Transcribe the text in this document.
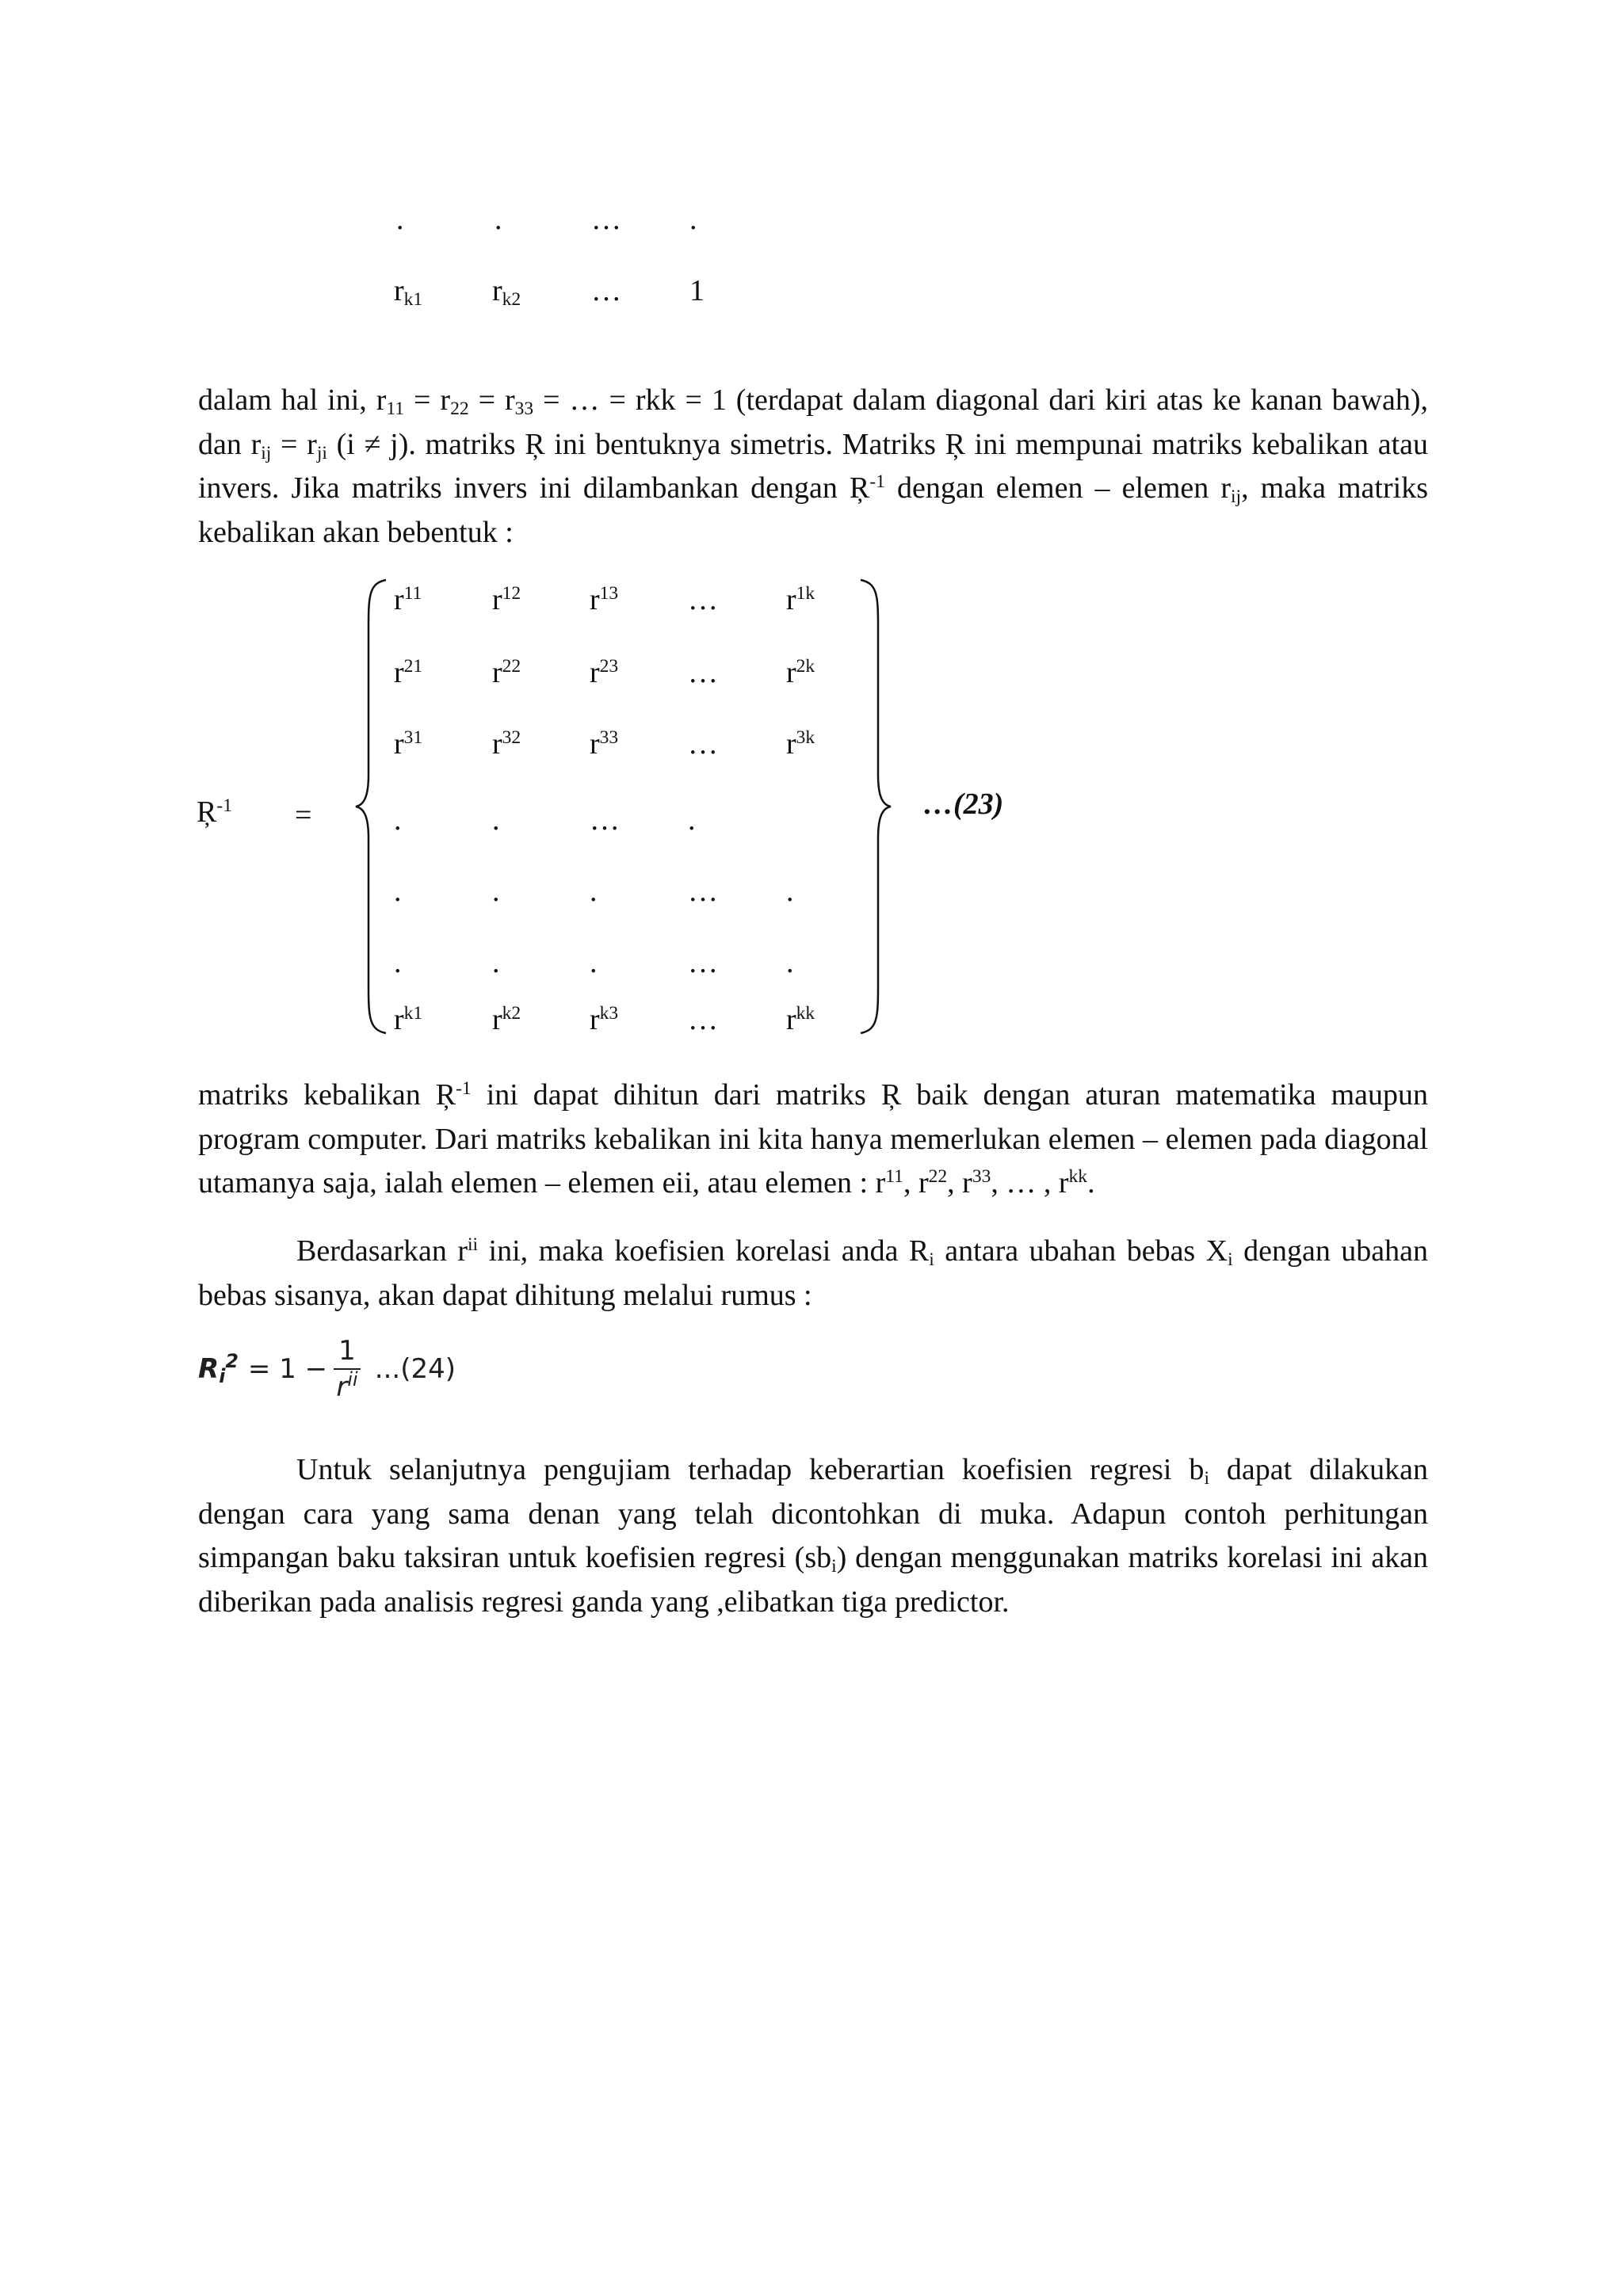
.	.	… .
$r_{k1}$ $r_{k2}$ … 1
dalam hal ini, $r_{11} = r_{22} = r_{33}$ = … = rkk = 1 (terdapat dalam diagonal dari kiri atas ke kanan bawah), dan $r_{ij} = r_{ji}$ (i ≠ j). matriks Ŗ ini bentuknya simetris. Matriks Ŗ ini mempunai matriks kebalikan atau invers. Jika matriks invers ini dilambankan dengan $Ŗ^{-1}$ dengan elemen – elemen $r_{ij}$, maka matriks kebalikan akan bebentuk :
$Ŗ^{-1}$ =
$r^{11}$ $r^{12}$ $r^{13}$ … $r^{1k}$
$r^{21}$ $r^{22}$ $r^{23}$ … $r^{2k}$
$r^{31}$ $r^{32}$ $r^{33}$ … $r^{3k}$
.	.	… .
.	.	.	… .
.	.	.	… .
$r^{k1}$ $r^{k2}$ $r^{k3}$ … $r^{kk}$
…(23)
matriks kebalikan $Ŗ^{-1}$ ini dapat dihitun dari matriks Ŗ baik dengan aturan matematika maupun program computer. Dari matriks kebalikan ini kita hanya memerlukan elemen – elemen pada diagonal utamanya saja, ialah elemen – elemen eii, atau elemen : $r^{11}$, $r^{22}$, $r^{33}$, … , $r^{kk}$.
Berdasarkan $r^{ii}$ ini, maka koefisien korelasi anda $R_i$ antara ubahan bebas $X_i$ dengan ubahan bebas sisanya, akan dapat dihitung melalui rumus :
$R_i^2 = 1 - \frac{1}{r^{ii}} ...(24)$
Untuk selanjutnya pengujiam terhadap keberartian koefisien regresi $b_i$ dapat dilakukan dengan cara yang sama denan yang telah dicontohkan di muka. Adapun contoh perhitungan simpangan baku taksiran untuk koefisien regresi $(sb_i)$ dengan menggunakan matriks korelasi ini akan diberikan pada analisis regresi ganda yang ,elibatkan tiga predictor.
